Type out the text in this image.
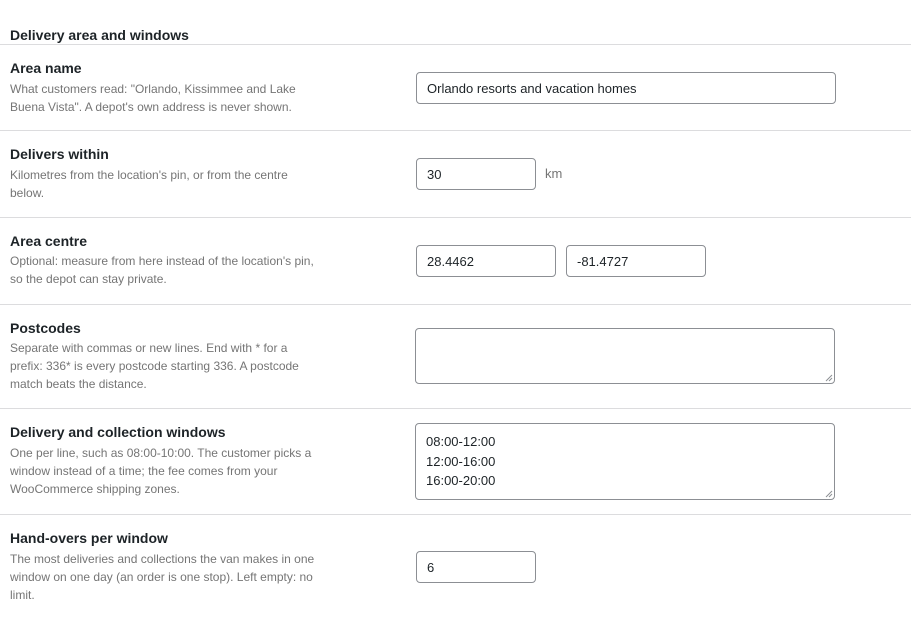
Delivery area and windows
Area name
What customers read: "Orlando, Kissimmee and Lake Buena Vista". A depot's own address is never shown.
Orlando resorts and vacation homes
Delivers within
Kilometres from the location's pin, or from the centre below.
30
km
Area centre
Optional: measure from here instead of the location's pin, so the depot can stay private.
28.4462
-81.4727
Postcodes
Separate with commas or new lines. End with * for a prefix: 336* is every postcode starting 336. A postcode match beats the distance.
Delivery and collection windows
One per line, such as 08:00-10:00. The customer picks a window instead of a time; the fee comes from your WooCommerce shipping zones.
08:00-12:00 12:00-16:00 16:00-20:00
Hand-overs per window
The most deliveries and collections the van makes in one window on one day (an order is one stop). Left empty: no limit.
6
